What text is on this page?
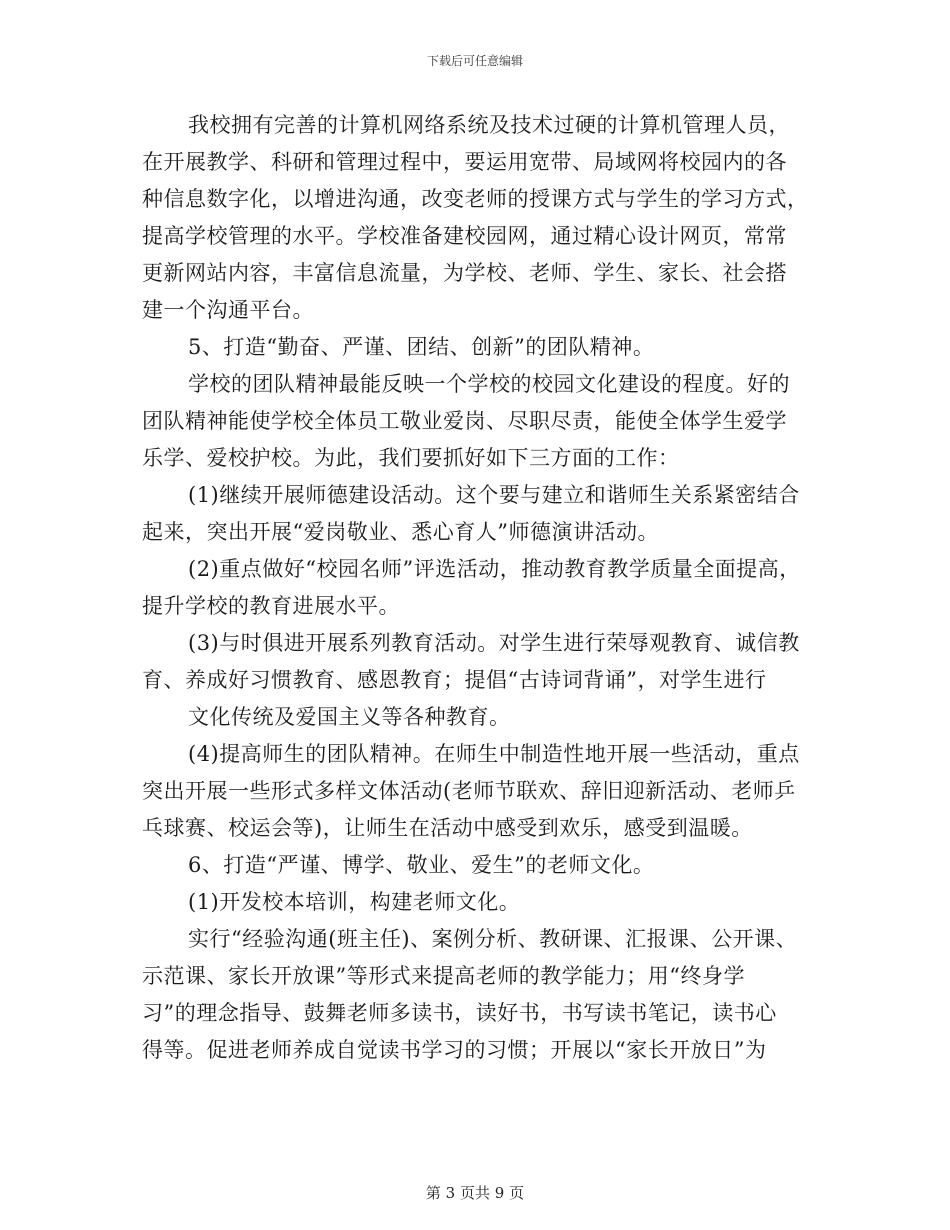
下载后可任意编辑
我校拥有完善的计算机网络系统及技术过硬的计算机管理人员，
在开展教学、科研和管理过程中，要运用宽带、局域网将校园内的各
种信息数字化，以增进沟通，改变老师的授课方式与学生的学习方式，
提高学校管理的水平。学校准备建校园网，通过精心设计网页，常常
更新网站内容，丰富信息流量，为学校、老师、学生、家长、社会搭
建一个沟通平台。
5、打造“勤奋、严谨、团结、创新”的团队精神。
学校的团队精神最能反映一个学校的校园文化建设的程度。好的
团队精神能使学校全体员工敬业爱岗、尽职尽责，能使全体学生爱学
乐学、爱校护校。为此，我们要抓好如下三方面的工作：
(1)继续开展师德建设活动。这个要与建立和谐师生关系紧密结合
起来，突出开展“爱岗敬业、悉心育人”师德演讲活动。
(2)重点做好“校园名师”评选活动，推动教育教学质量全面提高，
提升学校的教育进展水平。
(3)与时俱进开展系列教育活动。对学生进行荣辱观教育、诚信教
育、养成好习惯教育、感恩教育；提倡“古诗词背诵”，对学生进行
文化传统及爱国主义等各种教育。
(4)提高师生的团队精神。在师生中制造性地开展一些活动，重点
突出开展一些形式多样文体活动(老师节联欢、辞旧迎新活动、老师乒
乓球赛、校运会等)，让师生在活动中感受到欢乐，感受到温暖。
6、打造“严谨、博学、敬业、爱生”的老师文化。
(1)开发校本培训，构建老师文化。
实行“经验沟通(班主任)、案例分析、教研课、汇报课、公开课、
示范课、家长开放课”等形式来提高老师的教学能力；用“终身学
习”的理念指导、鼓舞老师多读书，读好书，书写读书笔记，读书心
得等。促进老师养成自觉读书学习的习惯；开展以“家长开放日”为
第 3 页共 9 页
